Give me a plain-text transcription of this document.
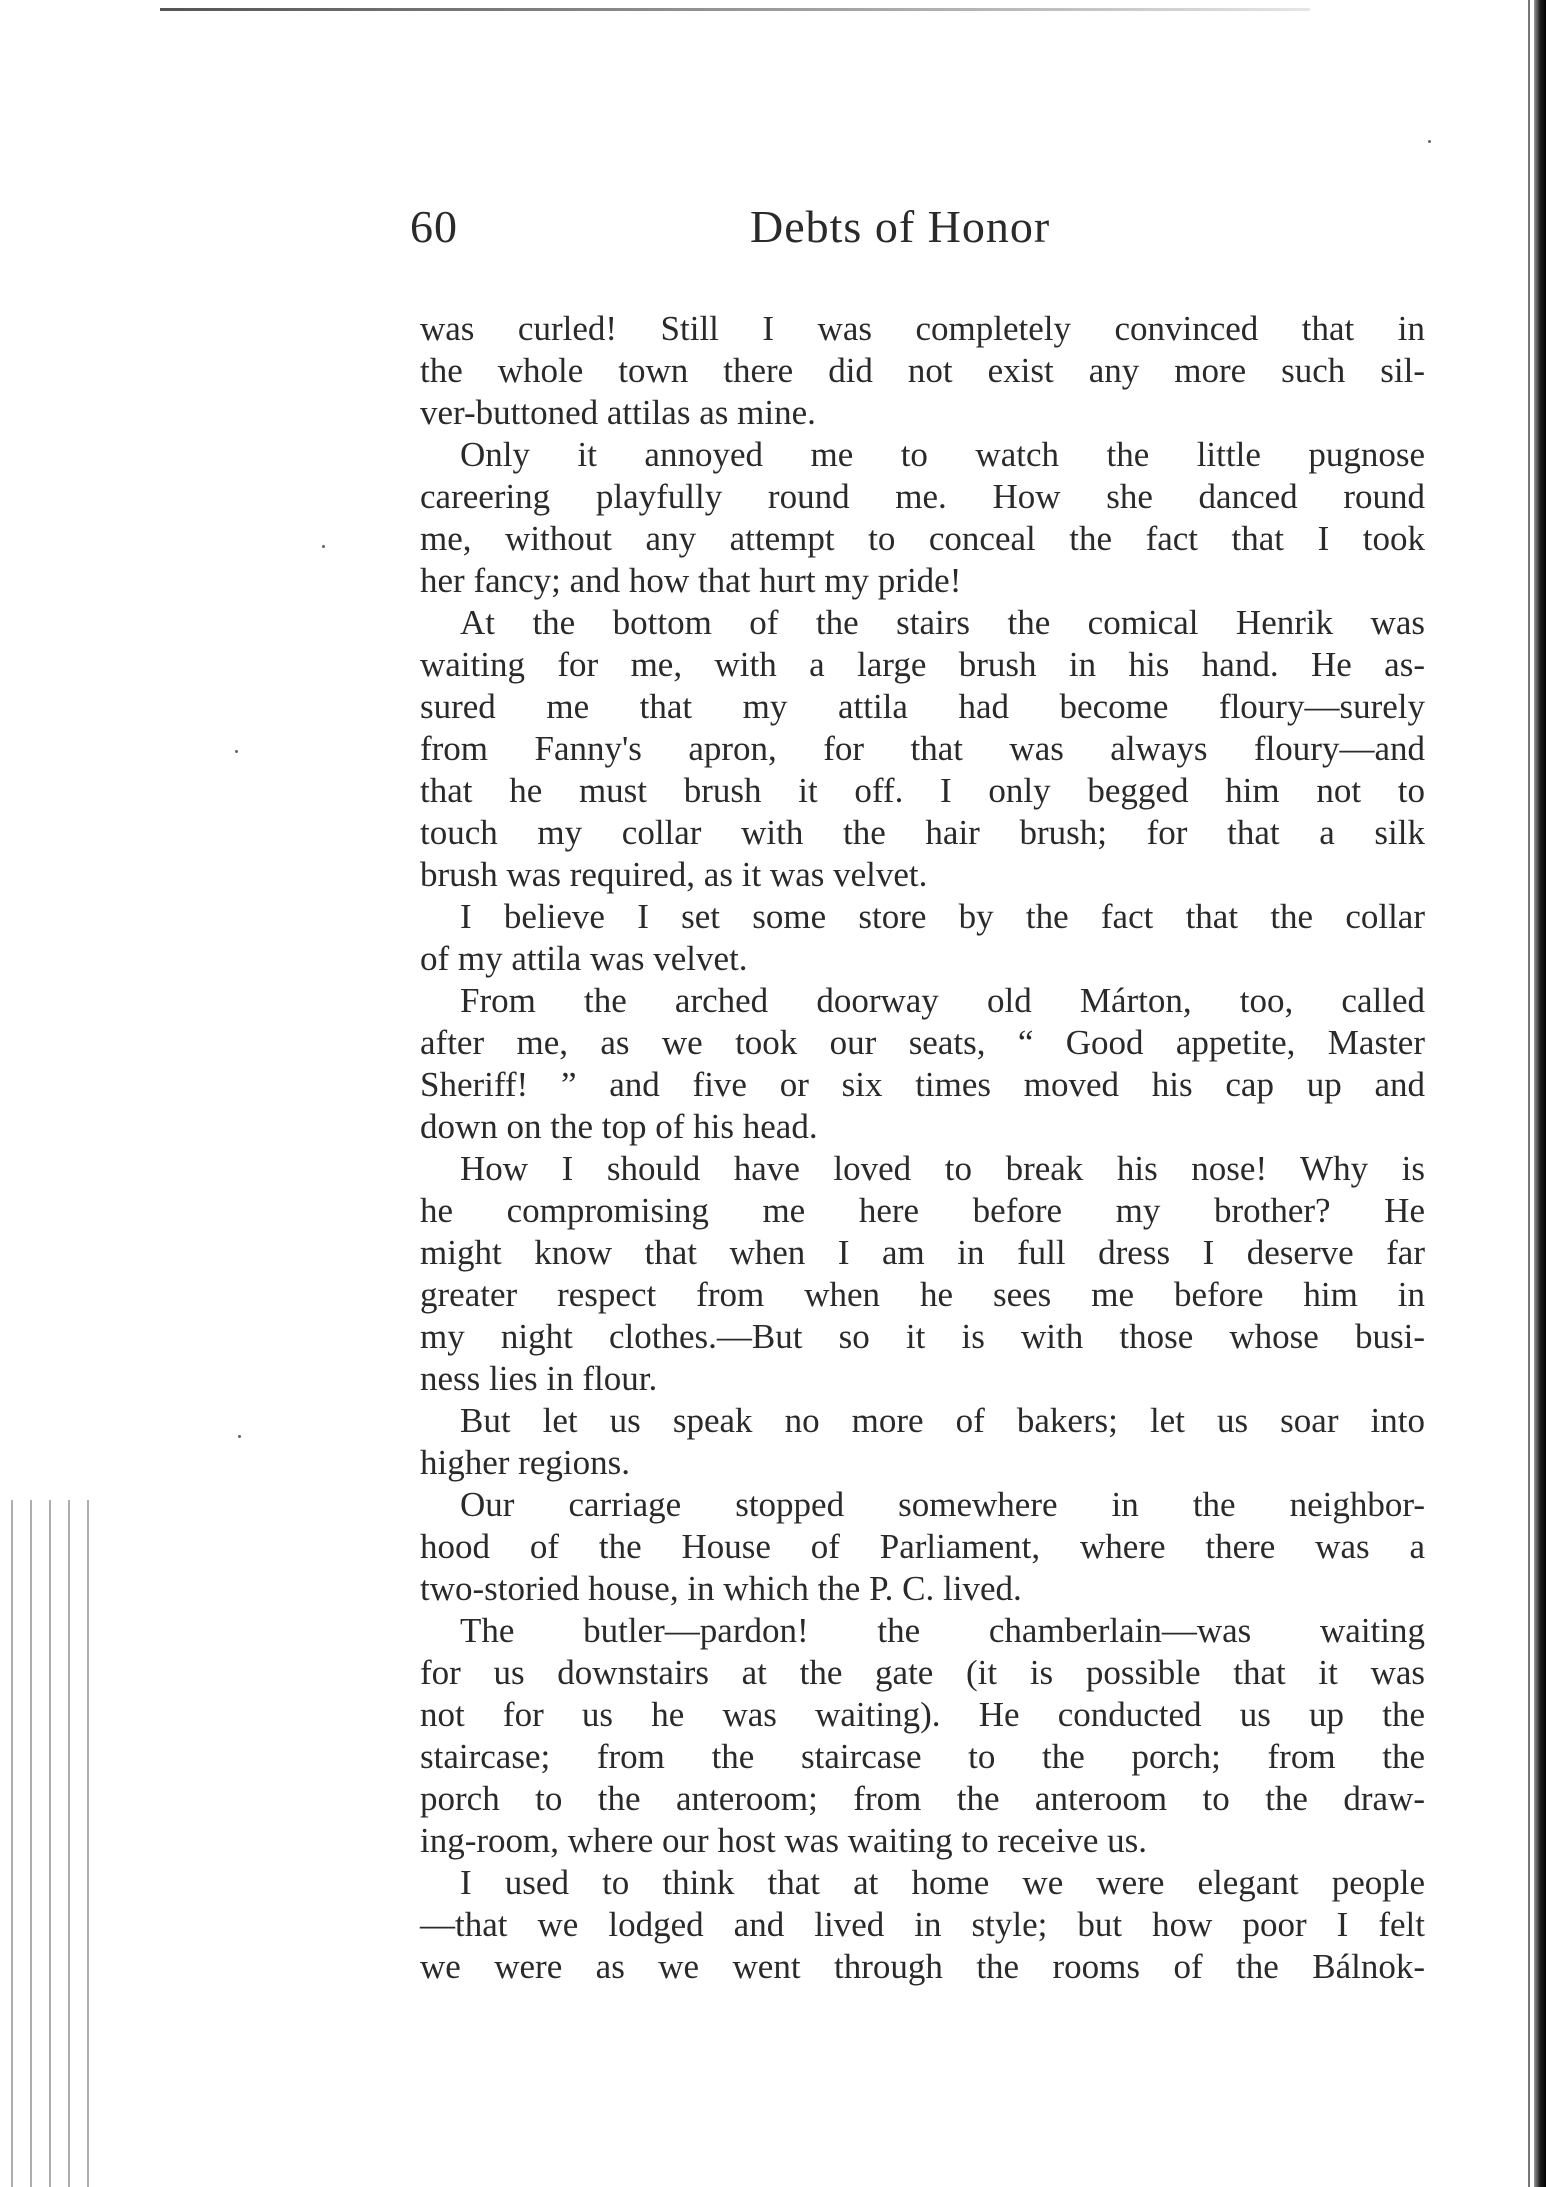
60	Debts of Honor
was curled! Still I was completely convinced that in
the whole town there did not exist any more such sil-
ver-buttoned attilas as mine.
Only it annoyed me to watch the little pugnose
careering playfully round me. How she danced round
me, without any attempt to conceal the fact that I took
her fancy; and how that hurt my pride!
At the bottom of the stairs the comical Henrik was
waiting for me, with a large brush in his hand. He as-
sured me that my attila had become floury—surely
from Fanny's apron, for that was always floury—and
that he must brush it off. I only begged him not to
touch my collar with the hair brush; for that a silk
brush was required, as it was velvet.
I believe I set some store by the fact that the collar
of my attila was velvet.
From the arched doorway old Márton, too, called
after me, as we took our seats, “ Good appetite, Master
Sheriff! ” and five or six times moved his cap up and
down on the top of his head.
How I should have loved to break his nose! Why is
he compromising me here before my brother? He
might know that when I am in full dress I deserve far
greater respect from when he sees me before him in
my night clothes.—But so it is with those whose busi-
ness lies in flour.
But let us speak no more of bakers; let us soar into
higher regions.
Our carriage stopped somewhere in the neighbor-
hood of the House of Parliament, where there was a
two-storied house, in which the P. C. lived.
The butler—pardon! the chamberlain—was waiting
for us downstairs at the gate (it is possible that it was
not for us he was waiting). He conducted us up the
staircase; from the staircase to the porch; from the
porch to the anteroom; from the anteroom to the draw-
ing-room, where our host was waiting to receive us.
I used to think that at home we were elegant people
—that we lodged and lived in style; but how poor I felt
we were as we went through the rooms of the Bálnok-
